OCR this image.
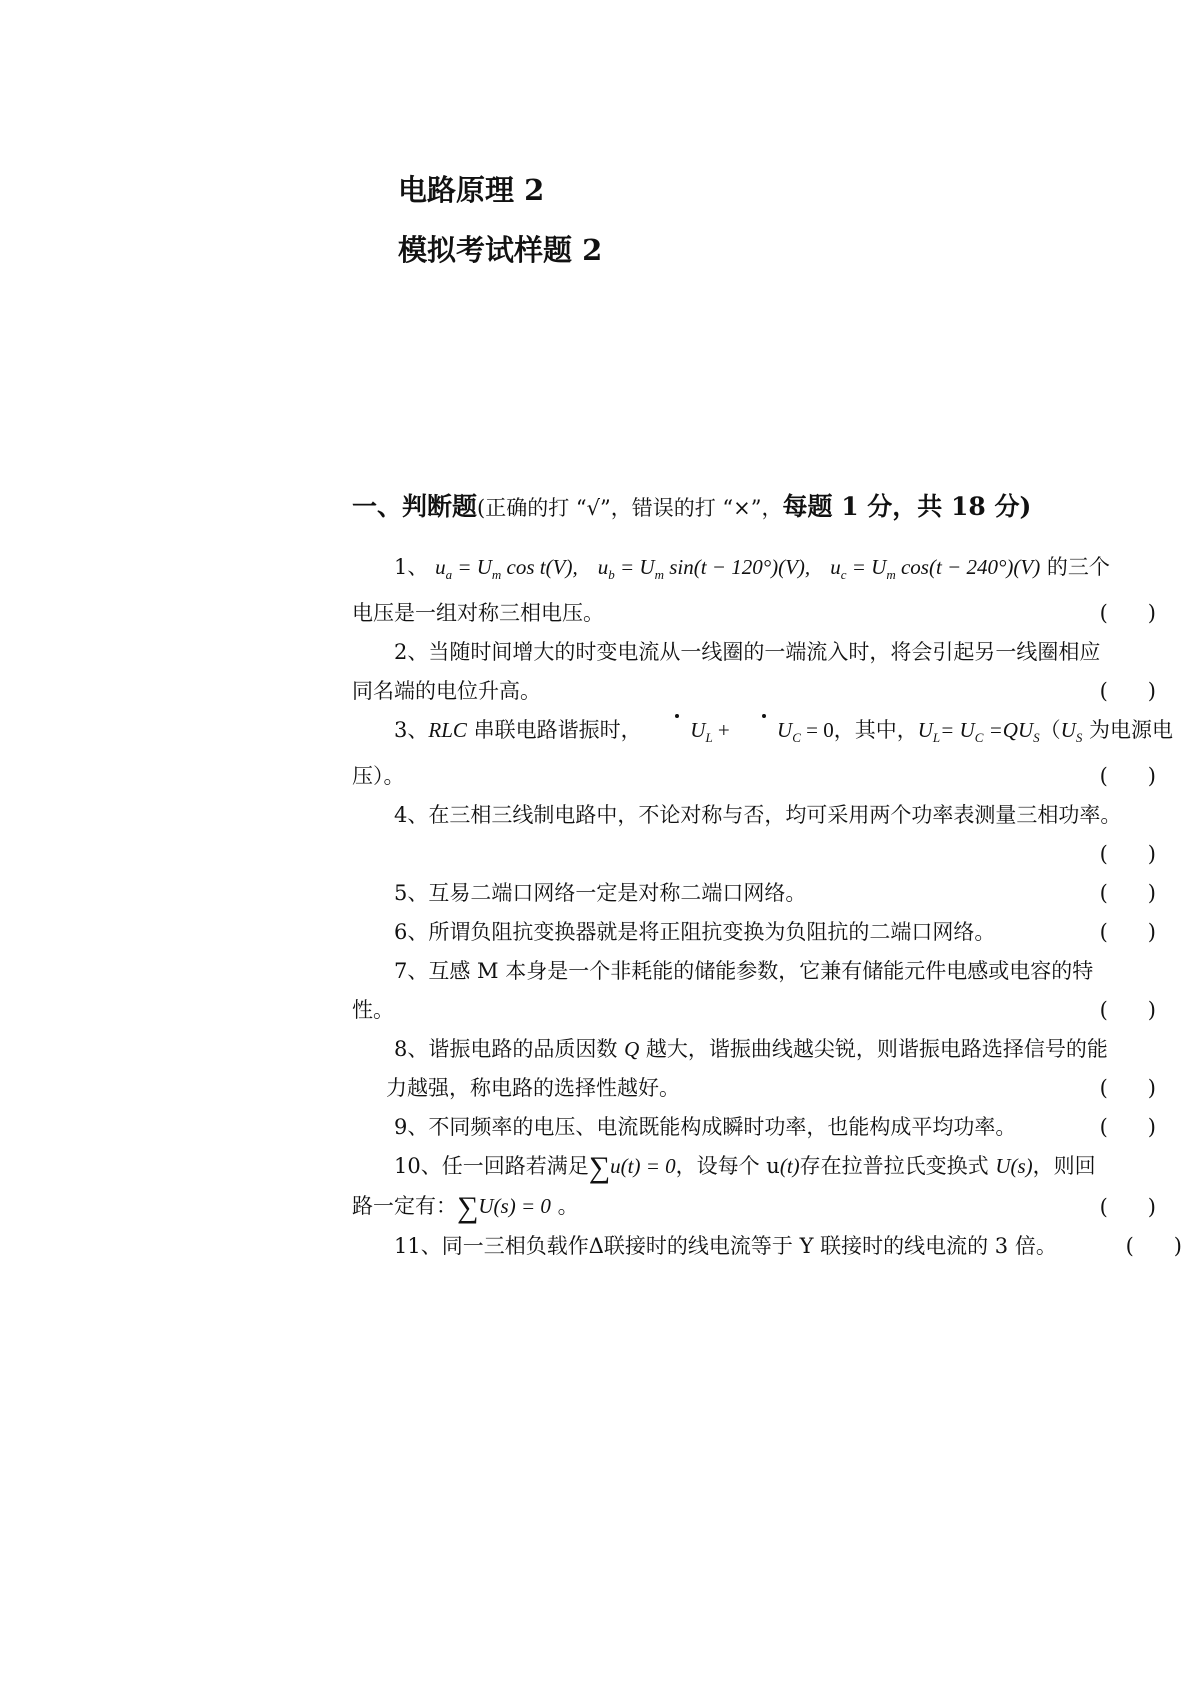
电路原理 2
模拟考试样题 2
一、判断题(正确的打 “√”，错误的打 “×”，每题 1 分，共 18 分)
1、 $u_a = U_m$ cos t(V), $u_b = U_m$ sin(t − 120°)(V), $u_c = U_m$ cos(t − 240°)(V) 的三个
电压是一组对称三相电压。	(      )
2、当随时间增大的时变电流从一线圈的一端流入时，将会引起另一线圈相应
同名端的电位升高。	(      )
3、RLC 串联电路谐振时， $U_L + U_C = 0$，其中，$U_L= U_C =QU_S(U_S$ 为电源电
压）。	(      )
4、在三相三线制电路中，不论对称与否，均可采用两个功率表测量三相功率。

(      )
5、互易二端口网络一定是对称二端口网络。	(      )
6、所谓负阻抗变换器就是将正阻抗变换为负阻抗的二端口网络。	(      )
7、互感 M 本身是一个非耗能的储能参数，它兼有储能元件电感或电容的特
性。	(      )
8、谐振电路的品质因数 Q 越大，谐振曲线越尖锐，则谐振电路选择信号的能
力越强，称电路的选择性越好。	(      )
9、不同频率的电压、电流既能构成瞬时功率，也能构成平均功率。	(      )
10、任一回路若满足∑u(t) = 0，设每个 u(t)存在拉普拉氏变换式 U(s)，则回
路一定有：∑U(s) = 0 。	(      )
11、同一三相负载作Δ联接时的线电流等于 Y 联接时的线电流的 3 倍。	(      )
